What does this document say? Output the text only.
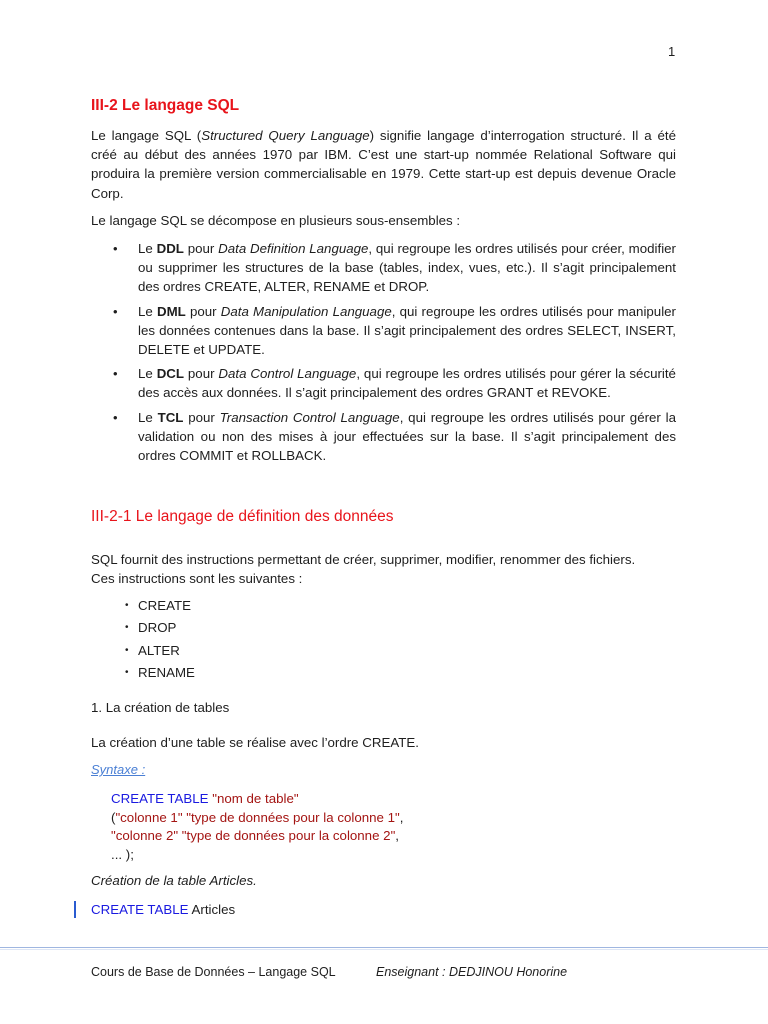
1
III-2 Le langage SQL
Le langage SQL (Structured Query Language) signifie langage d’interrogation structuré. Il a été créé au début des années 1970 par IBM. C’est une start-up nommée Relational Software qui produira la première version commercialisable en 1979. Cette start-up est depuis devenue Oracle Corp.
Le langage SQL se décompose en plusieurs sous-ensembles :
• Le DDL pour Data Definition Language, qui regroupe les ordres utilisés pour créer, modifier ou supprimer les structures de la base (tables, index, vues, etc.). Il s’agit principalement des ordres CREATE, ALTER, RENAME et DROP.
• Le DML pour Data Manipulation Language, qui regroupe les ordres utilisés pour manipuler les données contenues dans la base. Il s’agit principalement des ordres SELECT, INSERT, DELETE et UPDATE.
• Le DCL pour Data Control Language, qui regroupe les ordres utilisés pour gérer la sécurité des accès aux données. Il s’agit principalement des ordres GRANT et REVOKE.
• Le TCL pour Transaction Control Language, qui regroupe les ordres utilisés pour gérer la validation ou non des mises à jour effectuées sur la base. Il s’agit principalement des ordres COMMIT et ROLLBACK.
III-2-1 Le langage de définition des données
SQL fournit des instructions permettant de créer, supprimer, modifier, renommer des fichiers. Ces instructions sont les suivantes :
• CREATE
• DROP
• ALTER
• RENAME
1. La création de tables
La création d’une table se réalise avec l’ordre CREATE.
Syntaxe :
CREATE TABLE "nom de table"
("colonne 1" "type de données pour la colonne 1",
"colonne 2" "type de données pour la colonne 2",
... );
Création de la table Articles.
CREATE TABLE Articles
Cours de Base de Données – Langage SQL	Enseignant : DEDJINOU Honorine
